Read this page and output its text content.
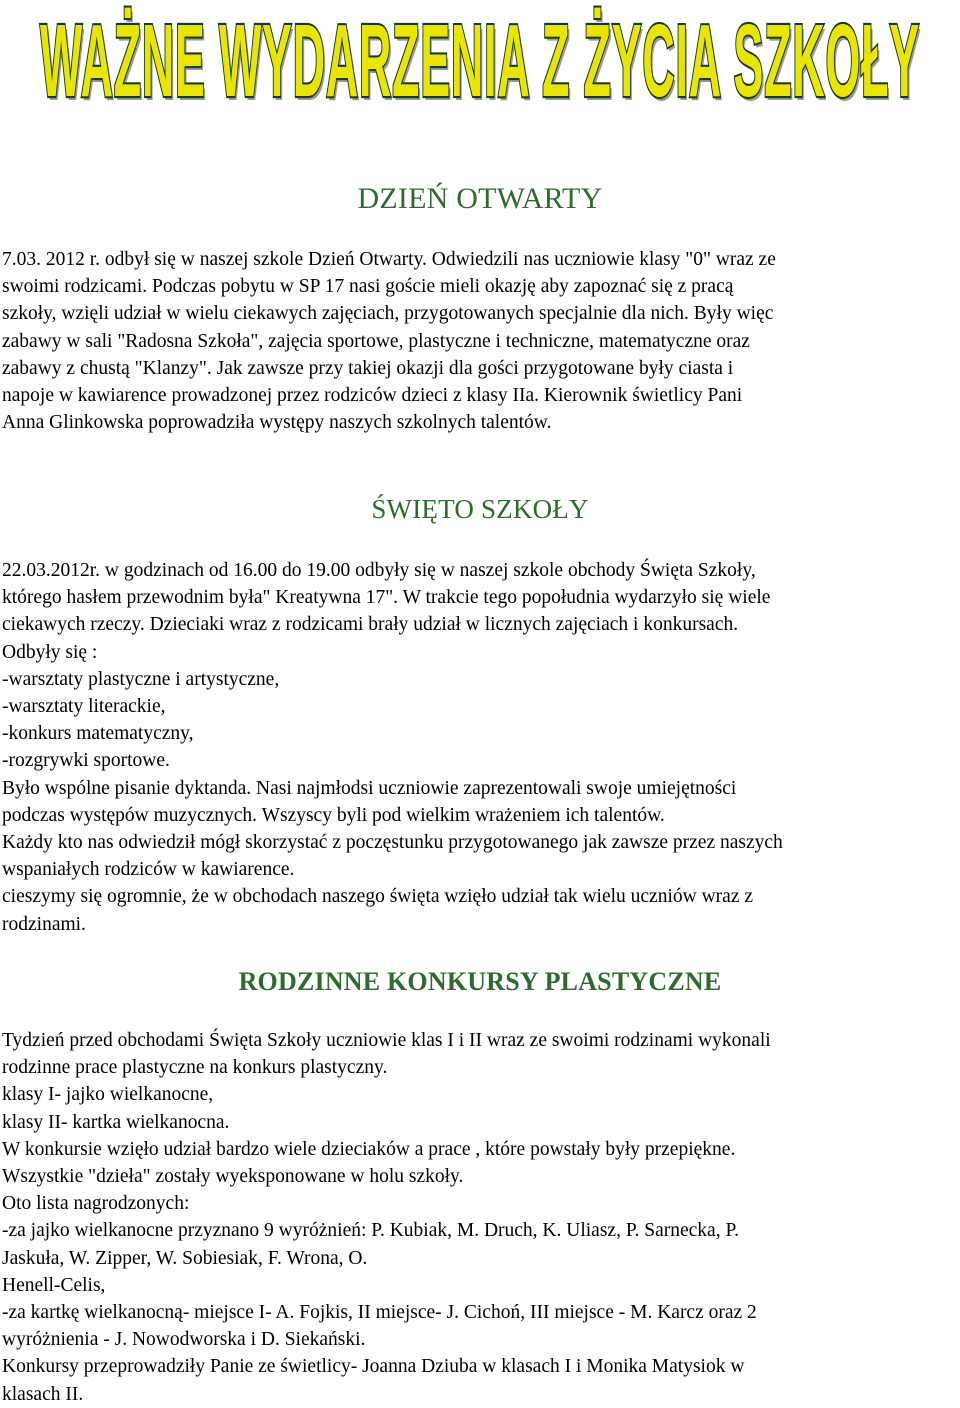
WAŻNE WYDARZENIA Z ŻYCIA SZKOŁY
WAŻNE WYDARZENIA Z ŻYCIA SZKOŁY
DZIEŃ OTWARTY
7.03. 2012 r. odbył się w naszej szkole Dzień Otwarty. Odwiedzili nas uczniowie klasy "0" wraz ze
swoimi rodzicami. Podczas pobytu w SP 17 nasi goście mieli okazję aby zapoznać się z pracą
szkoły, wzięli udział w wielu ciekawych zajęciach, przygotowanych specjalnie dla nich. Były więc
zabawy w sali "Radosna Szkoła", zajęcia sportowe, plastyczne i techniczne, matematyczne oraz
zabawy z chustą "Klanzy". Jak zawsze przy takiej okazji dla gości przygotowane były ciasta i
napoje w kawiarence prowadzonej przez rodziców dzieci z klasy IIa. Kierownik świetlicy Pani
Anna Glinkowska poprowadziła występy naszych szkolnych talentów.
ŚWIĘTO SZKOŁY
22.03.2012r. w godzinach od 16.00 do 19.00 odbyły się w naszej szkole obchody Święta Szkoły,
którego hasłem przewodnim była" Kreatywna 17". W trakcie tego popołudnia wydarzyło się wiele
ciekawych rzeczy. Dzieciaki wraz z rodzicami brały udział w licznych zajęciach i konkursach.
Odbyły się :
-warsztaty plastyczne i artystyczne,
-warsztaty literackie,
-konkurs matematyczny,
-rozgrywki sportowe.
Było wspólne pisanie dyktanda. Nasi najmłodsi uczniowie zaprezentowali swoje umiejętności
podczas występów muzycznych. Wszyscy byli pod wielkim wrażeniem ich talentów.
Każdy kto nas odwiedził mógł skorzystać z poczęstunku przygotowanego jak zawsze przez naszych
wspaniałych rodziców w kawiarence.
cieszymy się ogromnie, że w obchodach naszego święta wzięło udział tak wielu uczniów wraz z
rodzinami.
RODZINNE KONKURSY PLASTYCZNE
Tydzień przed obchodami Święta Szkoły uczniowie klas I i II wraz ze swoimi rodzinami wykonali
rodzinne prace plastyczne na konkurs plastyczny.
klasy I- jajko wielkanocne,
klasy II- kartka wielkanocna.
W konkursie wzięło udział bardzo wiele dzieciaków a prace , które powstały były przepiękne.
Wszystkie "dzieła" zostały wyeksponowane w holu szkoły.
Oto lista nagrodzonych:
-za jajko wielkanocne przyznano 9 wyróżnień: P. Kubiak, M. Druch, K. Uliasz, P. Sarnecka, P.
Jaskuła, W. Zipper, W. Sobiesiak, F. Wrona, O.
Henell-Celis,
-za kartkę wielkanocną- miejsce I- A. Fojkis, II miejsce- J. Cichoń, III miejsce - M. Karcz oraz 2
wyróżnienia - J. Nowodworska i D. Siekański.
Konkursy przeprowadziły Panie ze świetlicy- Joanna Dziuba w klasach I i Monika Matysiok w
klasach II.
